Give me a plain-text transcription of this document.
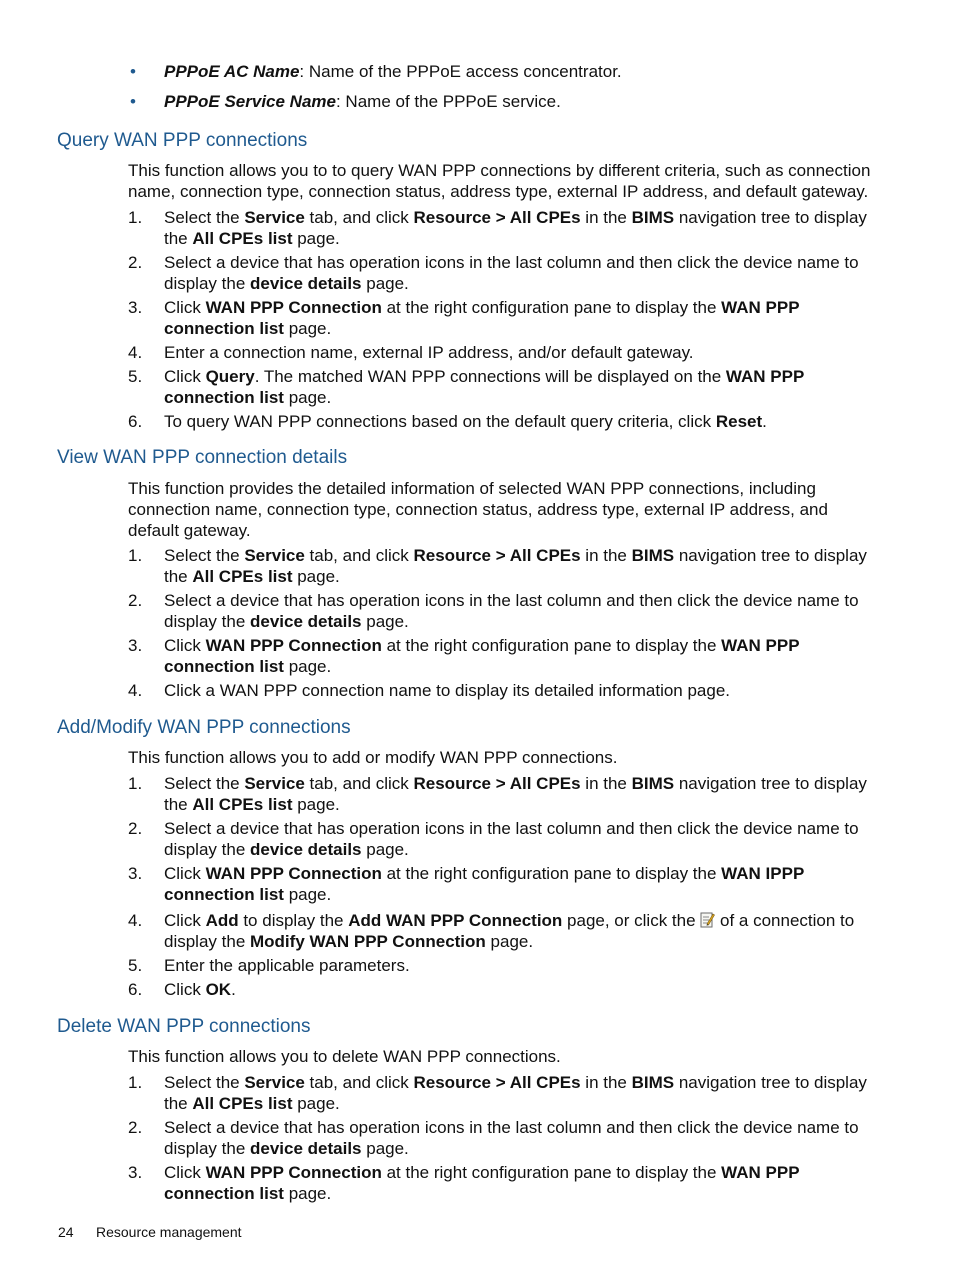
• PPPoE AC Name: Name of the PPPoE access concentrator.
• PPPoE Service Name: Name of the PPPoE service.
Query WAN PPP connections
This function allows you to to query WAN PPP connections by different criteria, such as connection name, connection type, connection status, address type, external IP address, and default gateway.
1. Select the Service tab, and click Resource > All CPEs in the BIMS navigation tree to display the All CPEs list page.
2. Select a device that has operation icons in the last column and then click the device name to display the device details page.
3. Click WAN PPP Connection at the right configuration pane to display the WAN PPP connection list page.
4. Enter a connection name, external IP address, and/or default gateway.
5. Click Query. The matched WAN PPP connections will be displayed on the WAN PPP connection list page.
6. To query WAN PPP connections based on the default query criteria, click Reset.
View WAN PPP connection details
This function provides the detailed information of selected WAN PPP connections, including connection name, connection type, connection status, address type, external IP address, and default gateway.
1. Select the Service tab, and click Resource > All CPEs in the BIMS navigation tree to display the All CPEs list page.
2. Select a device that has operation icons in the last column and then click the device name to display the device details page.
3. Click WAN PPP Connection at the right configuration pane to display the WAN PPP connection list page.
4. Click a WAN PPP connection name to display its detailed information page.
Add/Modify WAN PPP connections
This function allows you to add or modify WAN PPP connections.
1. Select the Service tab, and click Resource > All CPEs in the BIMS navigation tree to display the All CPEs list page.
2. Select a device that has operation icons in the last column and then click the device name to display the device details page.
3. Click WAN PPP Connection at the right configuration pane to display the WAN IPPP connection list page.
4. Click Add to display the Add WAN PPP Connection page, or click the  of a connection to display the Modify WAN PPP Connection page.
5. Enter the applicable parameters.
6. Click OK.
Delete WAN PPP connections
This function allows you to delete WAN PPP connections.
1. Select the Service tab, and click Resource > All CPEs in the BIMS navigation tree to display the All CPEs list page.
2. Select a device that has operation icons in the last column and then click the device name to display the device details page.
3. Click WAN PPP Connection at the right configuration pane to display the WAN PPP connection list page.
24 Resource management
